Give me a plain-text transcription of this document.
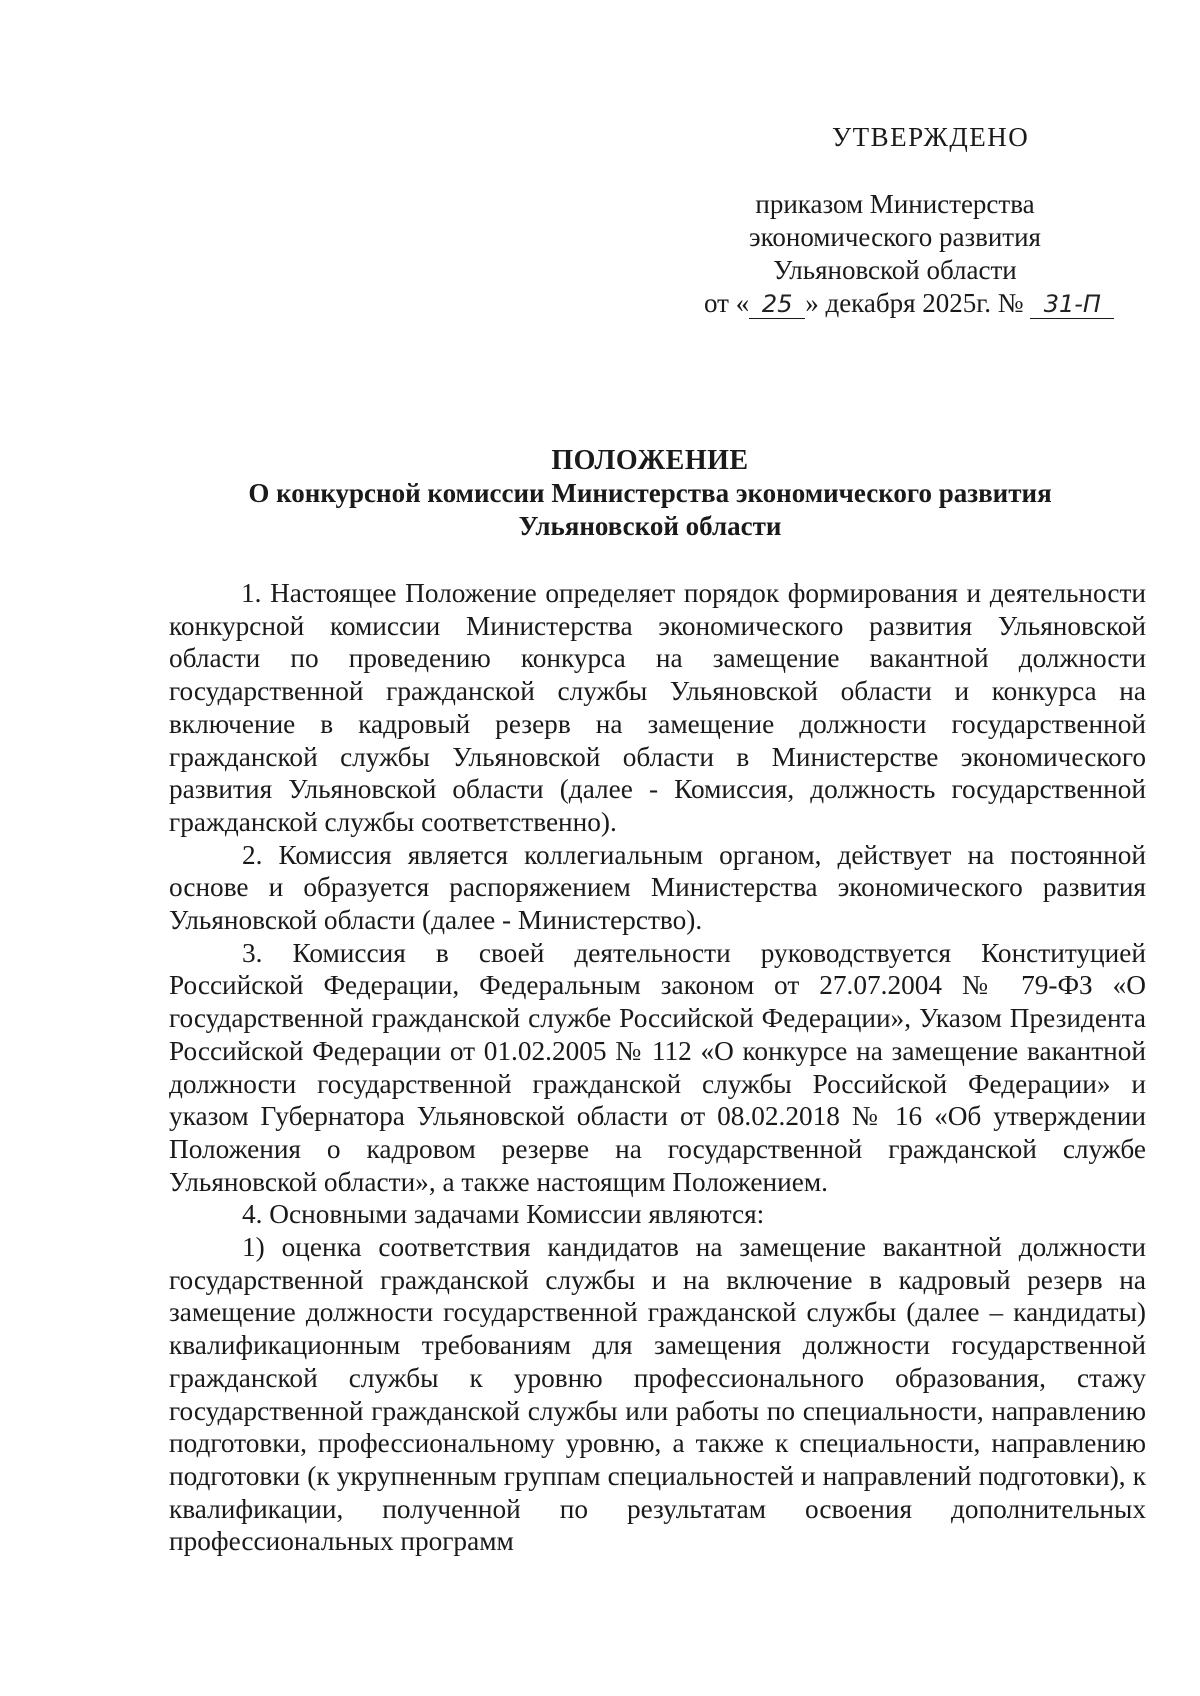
УТВЕРЖДЕНО
приказом Министерства
экономического развития
Ульяновской области
от « 25 » декабря 2025г. № 31-П
ПОЛОЖЕНИЕ
О конкурсной комиссии Министерства экономического развития
Ульяновской области

1. Настоящее Положение определяет порядок формирования и деятельности конкурсной комиссии Министерства экономического развития Ульяновской области по проведению конкурса на замещение вакантной должности государственной гражданской службы Ульяновской области и конкурса на включение в кадровый резерв на замещение должности государственной гражданской службы Ульяновской области в Министерстве экономического развития Ульяновской области (далее - Комиссия, должность государственной гражданской службы соответственно).

2. Комиссия является коллегиальным органом, действует на постоянной основе и образуется распоряжением Министерства экономического развития Ульяновской области (далее - Министерство).

3. Комиссия в своей деятельности руководствуется Конституцией Российской Федерации, Федеральным законом от 27.07.2004 № 79-ФЗ «О государственной гражданской службе Российской Федерации», Указом Президента Российской Федерации от 01.02.2005 № 112 «О конкурсе на замещение вакантной должности государственной гражданской службы Российской Федерации» и указом Губернатора Ульяновской области от 08.02.2018 № 16 «Об утверждении Положения о кадровом резерве на государственной гражданской службе Ульяновской области», а также настоящим Положением.

4. Основными задачами Комиссии являются:

1) оценка соответствия кандидатов на замещение вакантной должности государственной гражданской службы и на включение в кадровый резерв на замещение должности государственной гражданской службы (далее – кандидаты) квалификационным требованиям для замещения должности государственной гражданской службы к уровню профессионального образования, стажу государственной гражданской службы или работы по специальности, направлению подготовки, профессиональному уровню, а также к специальности, направлению подготовки (к укрупненным группам специальностей и направлений подготовки), к квалификации, полученной по результатам освоения дополнительных профессиональных программ
